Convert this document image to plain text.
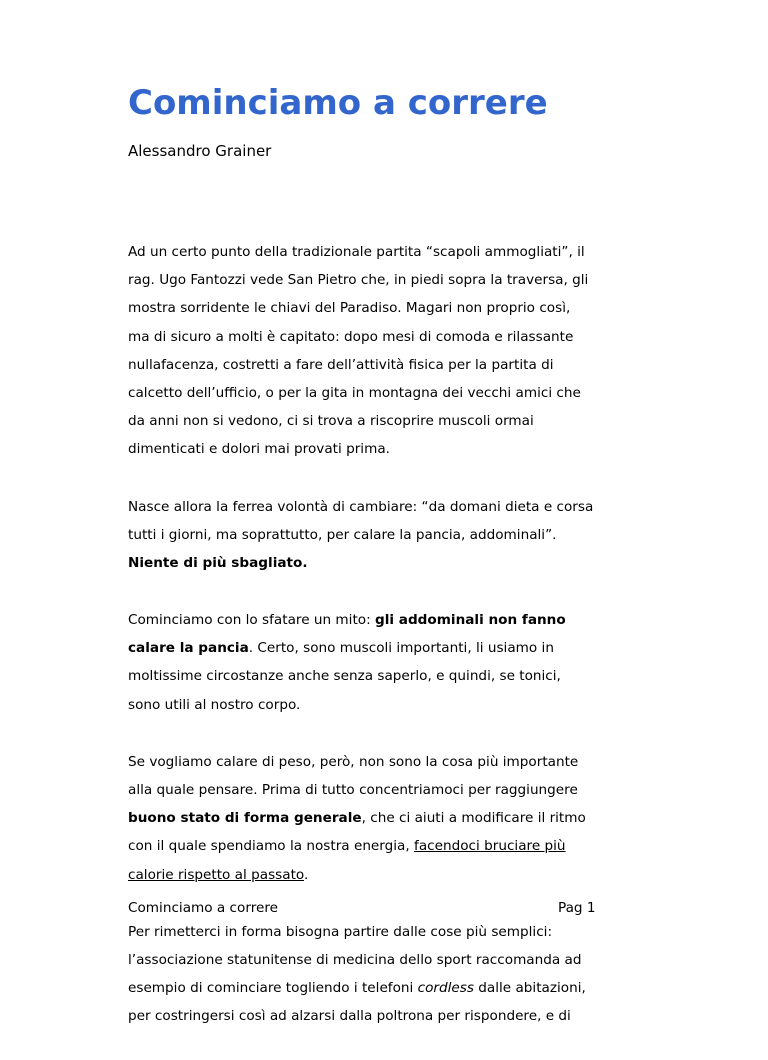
Cominciamo a correre
Alessandro Grainer
Ad un certo punto della tradizionale partita “scapoli ammogliati”, il
rag. Ugo Fantozzi vede San Pietro che, in piedi sopra la traversa, gli
mostra sorridente le chiavi del Paradiso. Magari non proprio così,
ma di sicuro a molti è capitato: dopo mesi di comoda e rilassante
nullafacenza, costretti a fare dell’attività fisica per la partita di
calcetto dell’ufficio, o per la gita in montagna dei vecchi amici che
da anni non si vedono, ci si trova a riscoprire muscoli ormai
dimenticati e dolori mai provati prima.
Nasce allora la ferrea volontà di cambiare: “da domani dieta e corsa
tutti i giorni, ma soprattutto, per calare la pancia, addominali”.
Niente di più sbagliato.
Cominciamo con lo sfatare un mito: gli addominali non fanno
calare la pancia. Certo, sono muscoli importanti, li usiamo in
moltissime circostanze anche senza saperlo, e quindi, se tonici,
sono utili al nostro corpo.
Se vogliamo calare di peso, però, non sono la cosa più importante
alla quale pensare. Prima di tutto concentriamoci per raggiungere
buono stato di forma generale, che ci aiuti a modificare il ritmo
con il quale spendiamo la nostra energia, facendoci bruciare più
calorie rispetto al passato.
Per rimetterci in forma bisogna partire dalle cose più semplici:
l’associazione statunitense di medicina dello sport raccomanda ad
esempio di cominciare togliendo i telefoni cordless dalle abitazioni,
per costringersi così ad alzarsi dalla poltrona per rispondere, e di
Cominciamo a correre	Pag 1
